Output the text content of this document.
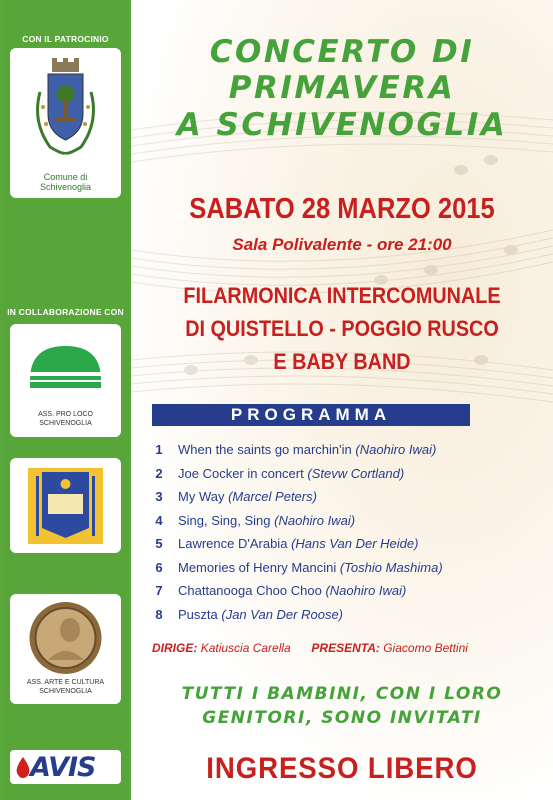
CON IL PATROCINIO
Comune di
Schivenoglia
IN COLLABORAZIONE CON
ASS. PRO LOCO
SCHIVENOGLIA
ASS. ARTE E CULTURA
SCHIVENOGLIA
AVIS
CONCERTO DI
PRIMAVERA
A SCHIVENOGLIA
SABATO 28 MARZO 2015
Sala Polivalente - ore 21:00
FILARMONICA INTERCOMUNALE
DI QUISTELLO - POGGIO RUSCO
E BABY BAND
PROGRAMMA
1 When the saints go marchin'in (Naohiro Iwai)
2 Joe Cocker in concert (Stevw Cortland)
3 My Way (Marcel Peters)
4 Sing, Sing, Sing (Naohiro Iwai)
5 Lawrence D'Arabia (Hans Van Der Heide)
6 Memories of Henry Mancini (Toshio Mashima)
7 Chattanooga Choo Choo (Naohiro Iwai)
8 Puszta (Jan Van Der Roose)
DIRIGE: Katiuscia Carella PRESENTA: Giacomo Bettini
TUTTI I BAMBINI, CON I LORO
GENITORI, SONO INVITATI
INGRESSO LIBERO
